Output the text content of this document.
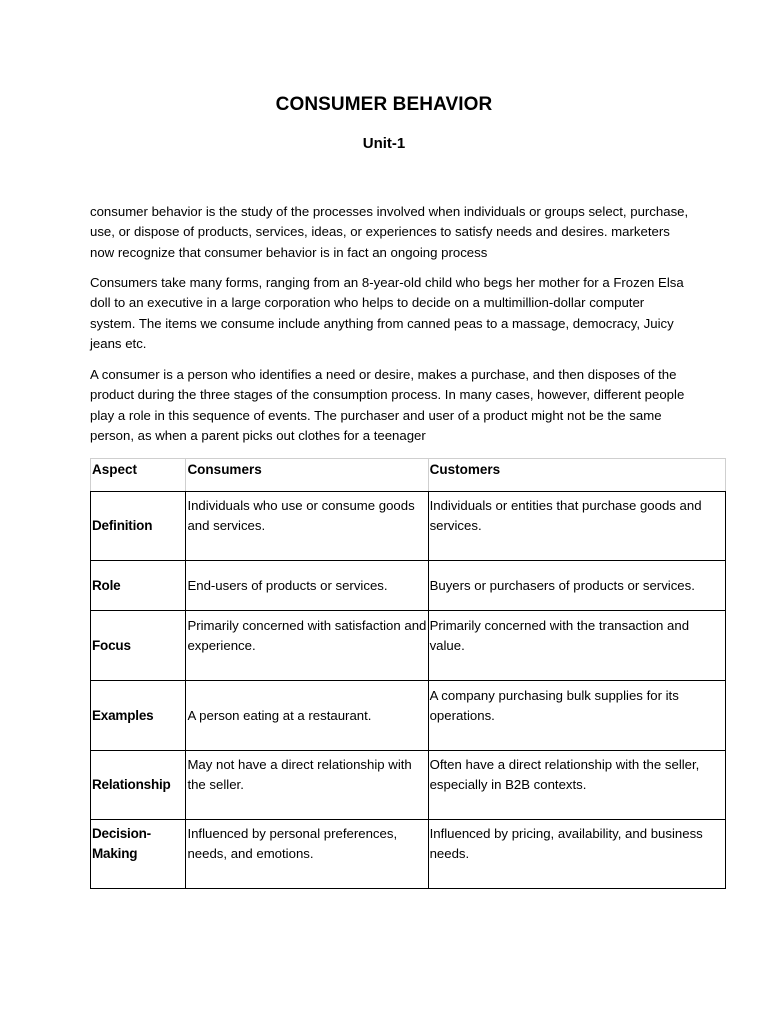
CONSUMER BEHAVIOR
Unit-1

consumer behavior is the study of the processes involved when individuals or groups select, purchase, use, or dispose of products, services, ideas, or experiences to satisfy needs and desires. marketers now recognize that consumer behavior is in fact an ongoing process

Consumers take many forms, ranging from an 8-year-old child who begs her mother for a Frozen Elsa doll to an executive in a large corporation who helps to decide on a multimillion-dollar computer system. The items we consume include anything from canned peas to a massage, democracy, Juicy jeans etc.

A consumer is a person who identifies a need or desire, makes a purchase, and then disposes of the product during the three stages of the consumption process. In many cases, however, different people play a role in this sequence of events. The purchaser and user of a product might not be the same person, as when a parent picks out clothes for a teenager

Aspect	Consumers	Customers
Definition	Individuals who use or consume goods and services.	Individuals or entities that purchase goods and services.
Role	End-users of products or services.	Buyers or purchasers of products or services.
Focus	Primarily concerned with satisfaction and experience.	Primarily concerned with the transaction and value.
Examples	A person eating at a restaurant.	A company purchasing bulk supplies for its operations.
Relationship	May not have a direct relationship with the seller.	Often have a direct relationship with the seller, especially in B2B contexts.
Decision-Making	Influenced by personal preferences, needs, and emotions.	Influenced by pricing, availability, and business needs.
